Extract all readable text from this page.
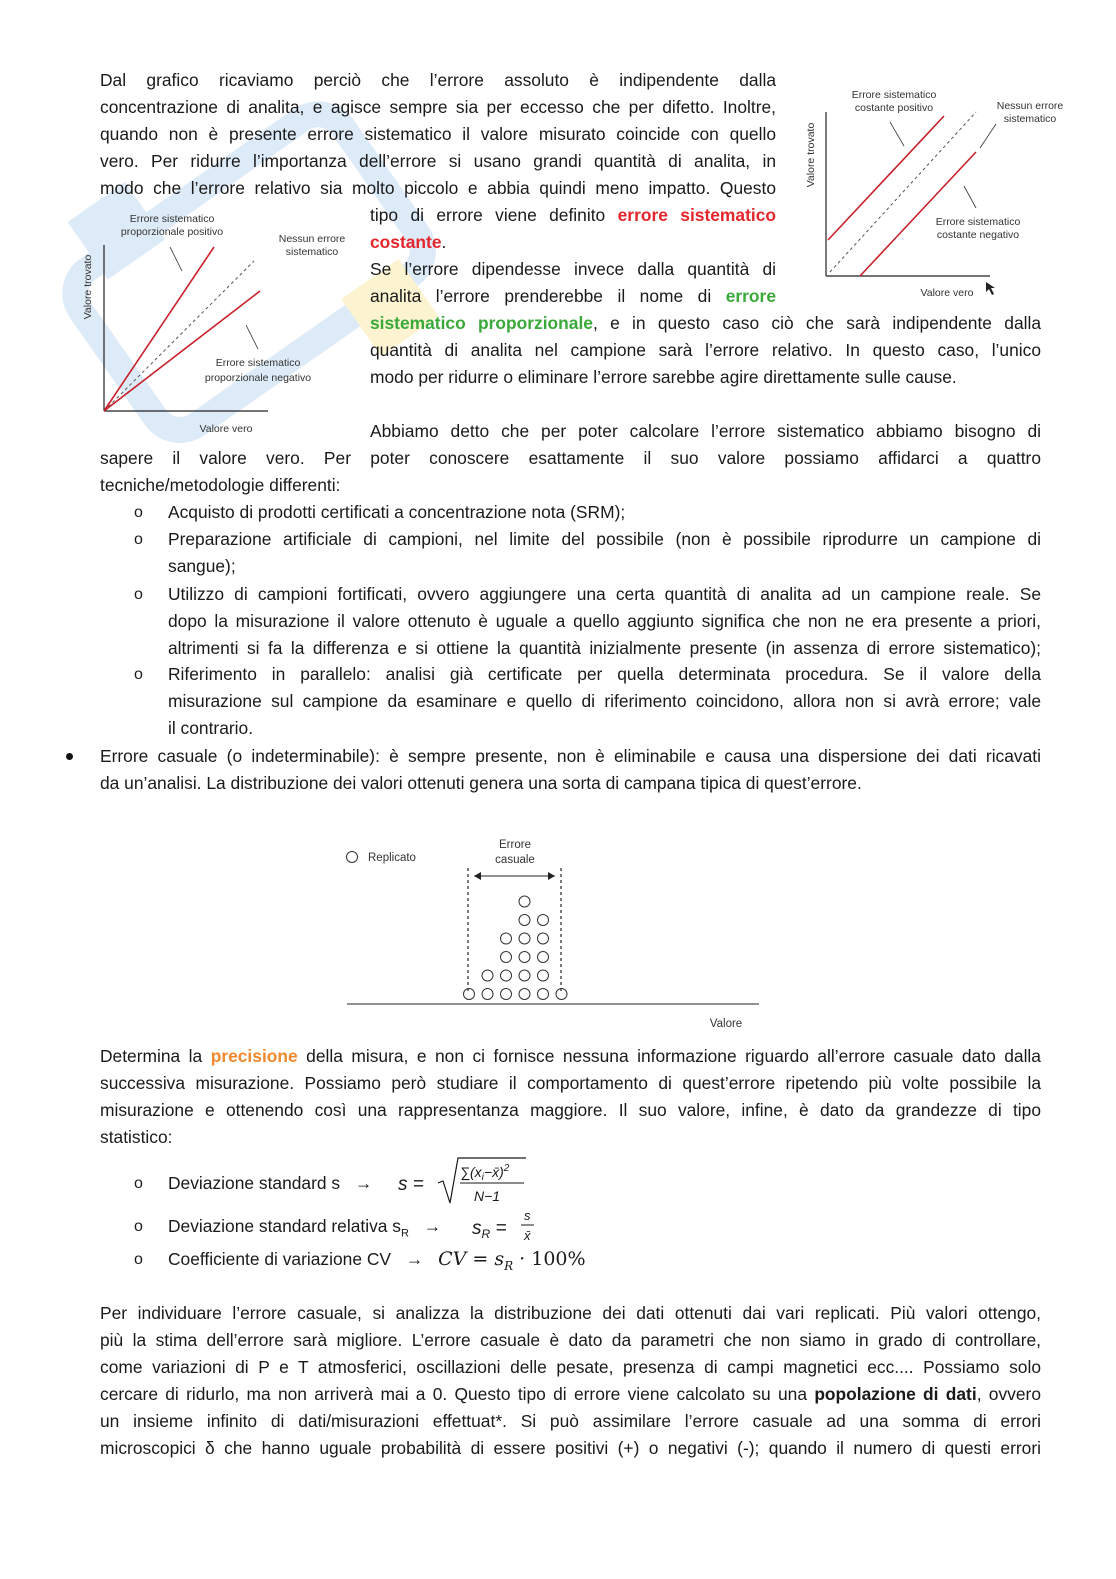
Dal grafico ricaviamo perciò che l’errore assoluto è indipendente dalla
concentrazione di analita, e agisce sempre sia per eccesso che per difetto. Inoltre,
quando non è presente errore sistematico il valore misurato coincide con quello
vero. Per ridurre l’importanza dell’errore si usano grandi quantità di analita, in
modo che l’errore relativo sia molto piccolo e abbia quindi meno impatto. Questo
tipo di errore viene definito errore sistematico
costante.
Se l’errore dipendesse invece dalla quantità di
analita l’errore prenderebbe il nome di errore
sistematico proporzionale, e in questo caso ciò che sarà indipendente dalla
quantità di analita nel campione sarà l’errore relativo. In questo caso, l’unico
modo per ridurre o eliminare l’errore sarebbe agire direttamente sulle cause.
Errore sistematico
costante positivo	Nessun errore
sistematico
Errore sistematico
costante negativo
Valore trovato
Valore vero
Errore sistematico
proporzionale positivo
Nessun errore
sistematico
Errore sistematico
proporzionale negativo
Valore trovato
Valore vero	Abbiamo detto che per poter calcolare l’errore sistematico abbiamo bisogno di
sapere il valore vero. Per poter conoscere esattamente il suo valore possiamo affidarci a quattro
tecniche/metodologie differenti:
o Acquisto di prodotti certificati a concentrazione nota (SRM);
o Preparazione artificiale di campioni, nel limite del possibile (non è possibile riprodurre un campione di
sangue);
o Utilizzo di campioni fortificati, ovvero aggiungere una certa quantità di analita ad un campione reale. Se
dopo la misurazione il valore ottenuto è uguale a quello aggiunto significa che non ne era presente a priori,
altrimenti si fa la differenza e si ottiene la quantità inizialmente presente (in assenza di errore sistematico);
o Riferimento in parallelo: analisi già certificate per quella determinata procedura. Se il valore della
misurazione sul campione da esaminare e quello di riferimento coincidono, allora non si avrà errore; vale
il contrario.
Errore casuale (o indeterminabile): è sempre presente, non è eliminabile e causa una dispersione dei dati ricavati
da un’analisi. La distribuzione dei valori ottenuti genera una sorta di campana tipica di quest’errore.
Replicato
Errore
casuale
Valore
Determina la precisione della misura, e non ci fornisce nessuna informazione riguardo all’errore casuale dato dalla
successiva misurazione. Possiamo però studiare il comportamento di quest’errore ripetendo più volte possibile la
misurazione e ottenendo così una rappresentanza maggiore. Il suo valore, infine, è dato da grandezze di tipo
statistico:
o Deviazione standard s →	s =
$\sum(x_i-x̄)^2$
N−1
o Deviazione standard relativa $s_R$ →	$s_R$ =
s
x̄
o Coefficiente di variazione CV → CV = $s_R \cdot 100\%$
Per individuare l’errore casuale, si analizza la distribuzione dei dati ottenuti dai vari replicati. Più valori ottengo,
più la stima dell’errore sarà migliore. L’errore casuale è dato da parametri che non siamo in grado di controllare,
come variazioni di P e T atmosferici, oscillazioni delle pesate, presenza di campi magnetici ecc.... Possiamo solo
cercare di ridurlo, ma non arriverà mai a 0. Questo tipo di errore viene calcolato su una popolazione di dati, ovvero
un insieme infinito di dati/misurazioni effettuat*. Si può assimilare l’errore casuale ad una somma di errori
microscopici δ che hanno uguale probabilità di essere positivi (+) o negativi (-); quando il numero di questi errori
